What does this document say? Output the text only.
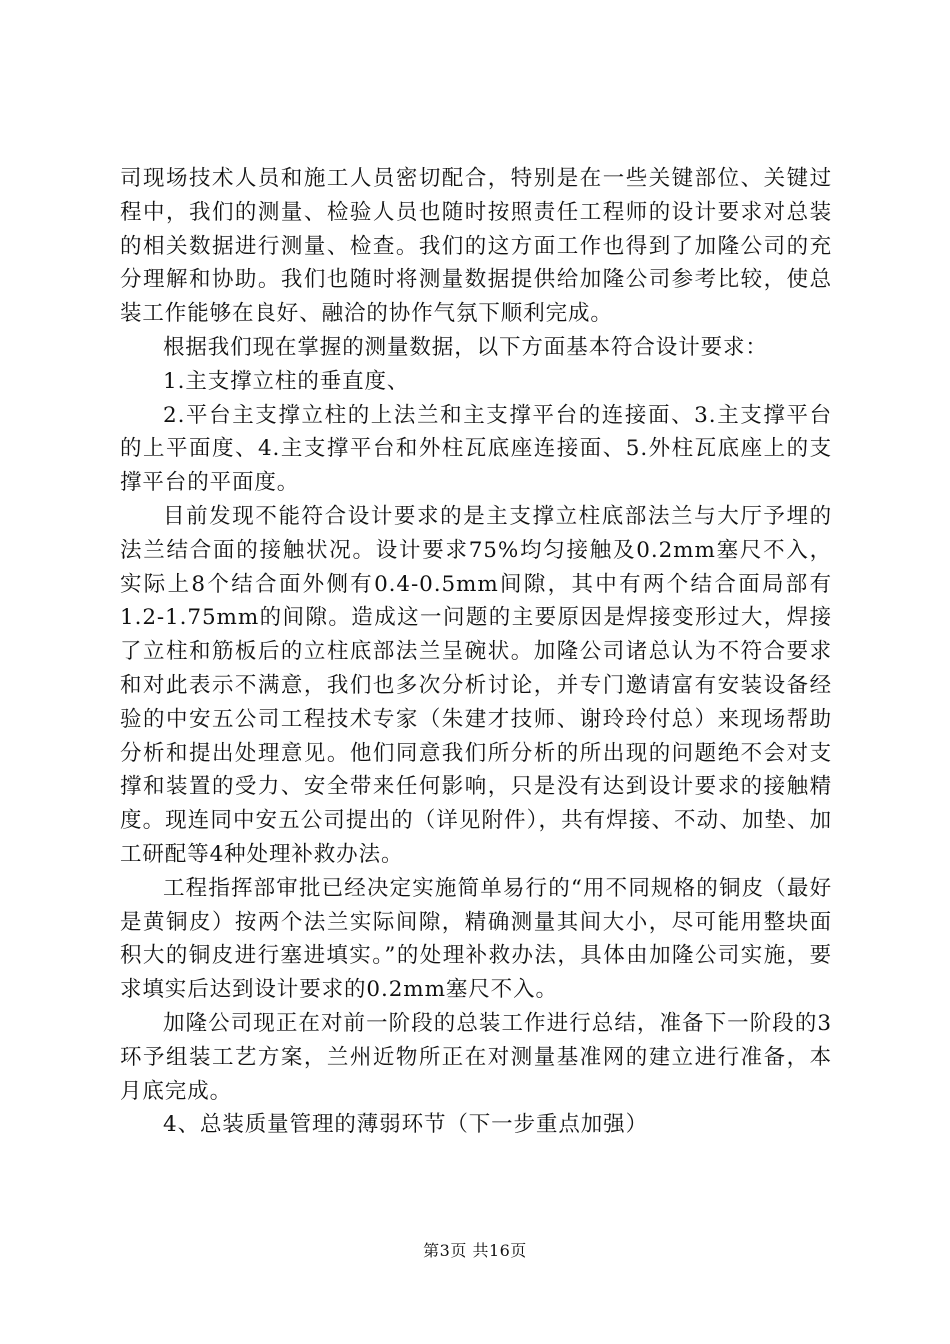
司现场技术人员和施工人员密切配合，特别是在一些关键部位、关键过程中，我们的测量、检验人员也随时按照责任工程师的设计要求对总装的相关数据进行测量、检查。我们的这方面工作也得到了加隆公司的充分理解和协助。我们也随时将测量数据提供给加隆公司参考比较，使总装工作能够在良好、融洽的协作气氛下顺利完成。

根据我们现在掌握的测量数据，以下方面基本符合设计要求：

1.主支撑立柱的垂直度、

2.平台主支撑立柱的上法兰和主支撑平台的连接面、3.主支撑平台的上平面度、4.主支撑平台和外柱瓦底座连接面、5.外柱瓦底座上的支撑平台的平面度。

目前发现不能符合设计要求的是主支撑立柱底部法兰与大厅予埋的法兰结合面的接触状况。设计要求75%均匀接触及0.2mm塞尺不入，实际上8个结合面外侧有0.4-0.5mm间隙，其中有两个结合面局部有1.2-1.75mm的间隙。造成这一问题的主要原因是焊接变形过大，焊接了立柱和筋板后的立柱底部法兰呈碗状。加隆公司诸总认为不符合要求和对此表示不满意，我们也多次分析讨论，并专门邀请富有安装设备经验的中安五公司工程技术专家（朱建才技师、谢玲玲付总）来现场帮助分析和提出处理意见。他们同意我们所分析的所出现的问题绝不会对支撑和装置的受力、安全带来任何影响，只是没有达到设计要求的接触精度。现连同中安五公司提出的（详见附件），共有焊接、不动、加垫、加工研配等4种处理补救办法。

工程指挥部审批已经决定实施简单易行的“用不同规格的铜皮（最好是黄铜皮）按两个法兰实际间隙，精确测量其间大小，尽可能用整块面积大的铜皮进行塞进填实。”的处理补救办法，具体由加隆公司实施，要求填实后达到设计要求的0.2mm塞尺不入。

加隆公司现正在对前一阶段的总装工作进行总结，准备下一阶段的3环予组装工艺方案，兰州近物所正在对测量基准网的建立进行准备，本月底完成。

4、总装质量管理的薄弱环节（下一步重点加强）

第3页 共16页
